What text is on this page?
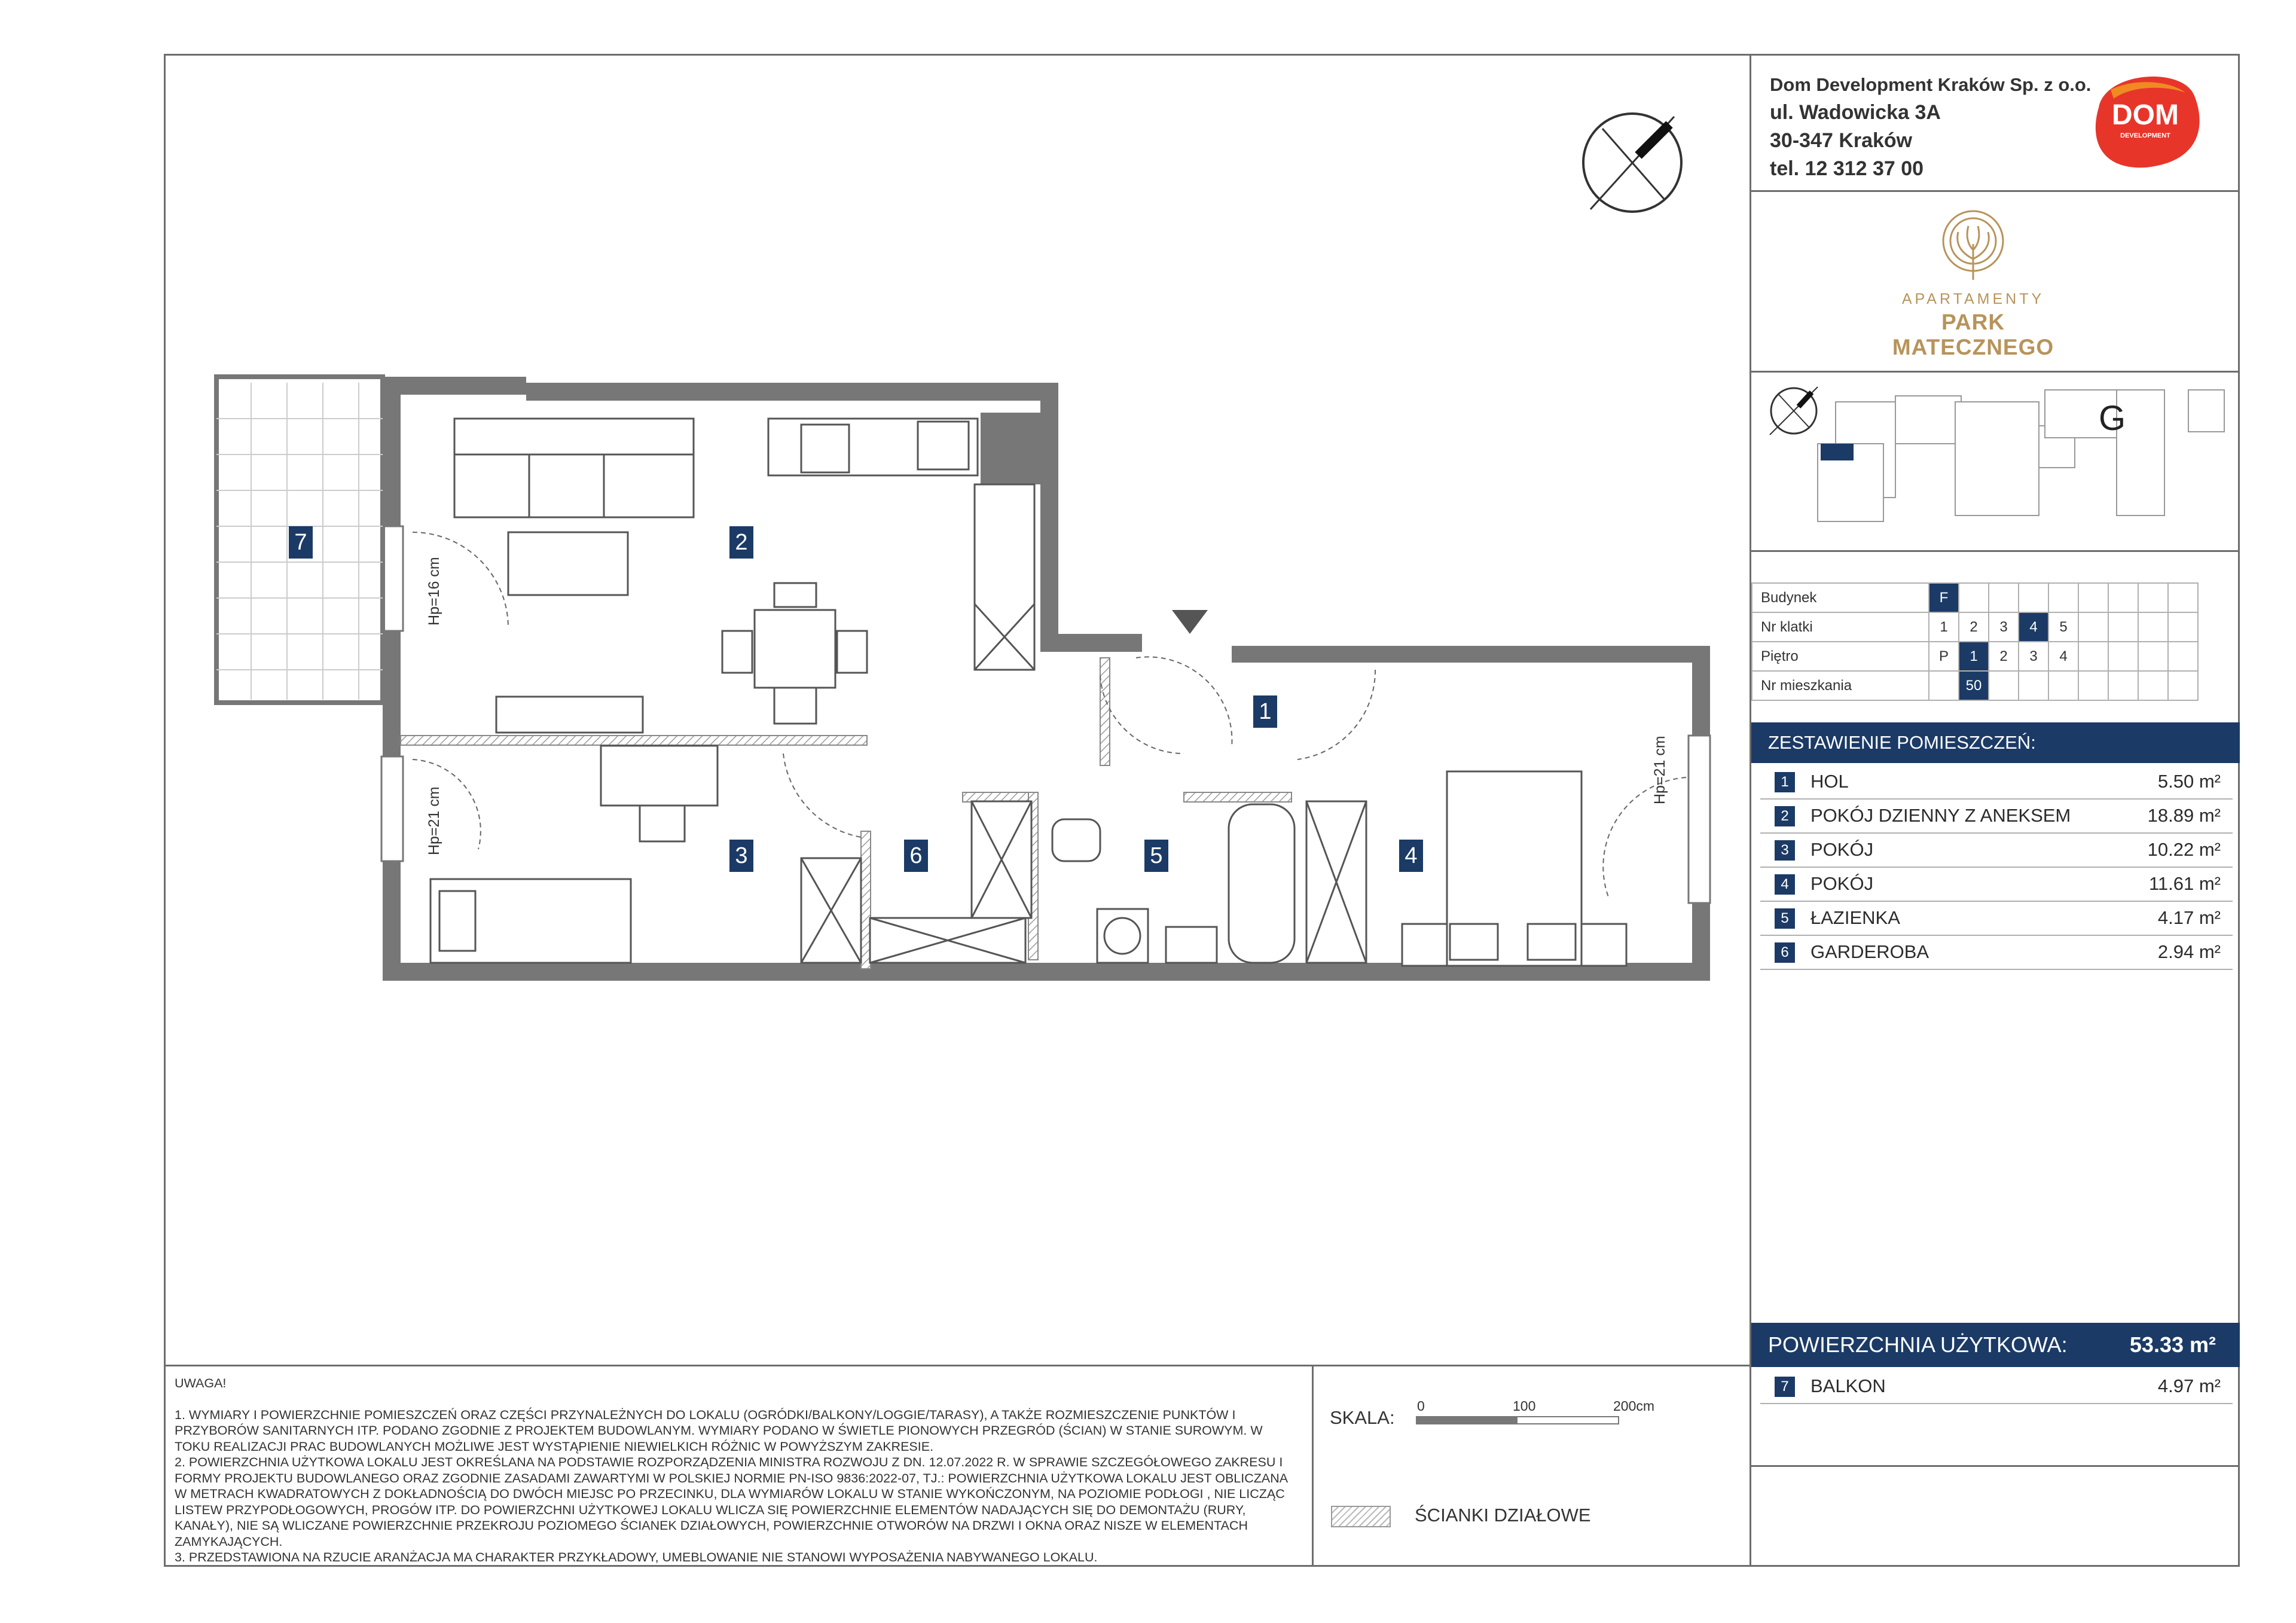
Dom Development Kraków Sp. z o.o.
ul. Wadowicka 3A
30-347 Kraków
tel. 12 312 37 00
DOM
DEVELOPMENT
APARTAMENTY
PARK MATECZNEGO
G
Budynek	F								
Nr klatki	1	2	3	4	5				
Piętro	P	1	2	3	4				
Nr mieszkania		50							
ZESTAWIENIE POMIESZCZEŃ:
1	HOL	5.50 m²
2	POKÓJ DZIENNY Z ANEKSEM	18.89 m²
3	POKÓJ	10.22 m²
4	POKÓJ	11.61 m²
5	ŁAZIENKA	4.17 m²
6	GARDEROBA	2.94 m²
POWIERZCHNIA UŻYTKOWA:	53.33 m²
7	BALKON	4.97 m²

UWAGA!

1. WYMIARY I POWIERZCHNIE POMIESZCZEŃ ORAZ CZĘŚCI PRZYNALEŻNYCH DO LOKALU (OGRÓDKI/BALKONY/LOGGIE/TARASY), A TAKŻE ROZMIESZCZENIE PUNKTÓW I PRZYBORÓW SANITARNYCH ITP. PODANO ZGODNIE Z PROJEKTEM BUDOWLANYM. WYMIARY PODANO W ŚWIETLE PIONOWYCH PRZEGRÓD (ŚCIAN) W STANIE SUROWYM. W TOKU REALIZACJI PRAC BUDOWLANYCH MOŻLIWE JEST WYSTĄPIENIE NIEWIELKICH RÓŻNIC W POWYŻSZYM ZAKRESIE.

2. POWIERZCHNIA UŻYTKOWA LOKALU JEST OKREŚLANA NA PODSTAWIE ROZPORZĄDZENIA MINISTRA ROZWOJU Z DN. 12.07.2022 R. W SPRAWIE SZCZEGÓŁOWEGO ZAKRESU I FORMY PROJEKTU BUDOWLANEGO ORAZ ZGODNIE ZASADAMI ZAWARTYMI W POLSKIEJ NORMIE PN-ISO 9836:2022-07, TJ.: POWIERZCHNIA UŻYTKOWA LOKALU JEST OBLICZANA W METRACH KWADRATOWYCH Z DOKŁADNOŚCIĄ DO DWÓCH MIEJSC PO PRZECINKU, DLA WYMIARÓW LOKALU W STANIE WYKOŃCZONYM, NA POZIOMIE PODŁOGI , NIE LICZĄC LISTEW PRZYPODŁOGOWYCH, PROGÓW ITP. DO POWIERZCHNI UŻYTKOWEJ LOKALU WLICZA SIĘ POWIERZCHNIE ELEMENTÓW NADAJĄCYCH SIĘ DO DEMONTAŻU (RURY, KANAŁY), NIE SĄ WLICZANE POWIERZCHNIE PRZEKROJU POZIOMEGO ŚCIANEK DZIAŁOWYCH, POWIERZCHNIE OTWORÓW NA DRZWI I OKNA ORAZ NISZE W ELEMENTACH ZAMYKAJĄCYCH.

3. PRZEDSTAWIONA NA RZUCIE ARANŻACJA MA CHARAKTER PRZYKŁADOWY, UMEBLOWANIE NIE STANOWI WYPOSAŻENIA NABYWANEGO LOKALU.

SKALA:
0	100	200cm
ŚCIANKI DZIAŁOWE
7	2
1
3	6	5	4
Hp=16 cm
Hp=21 cm
Hp=21 cm
